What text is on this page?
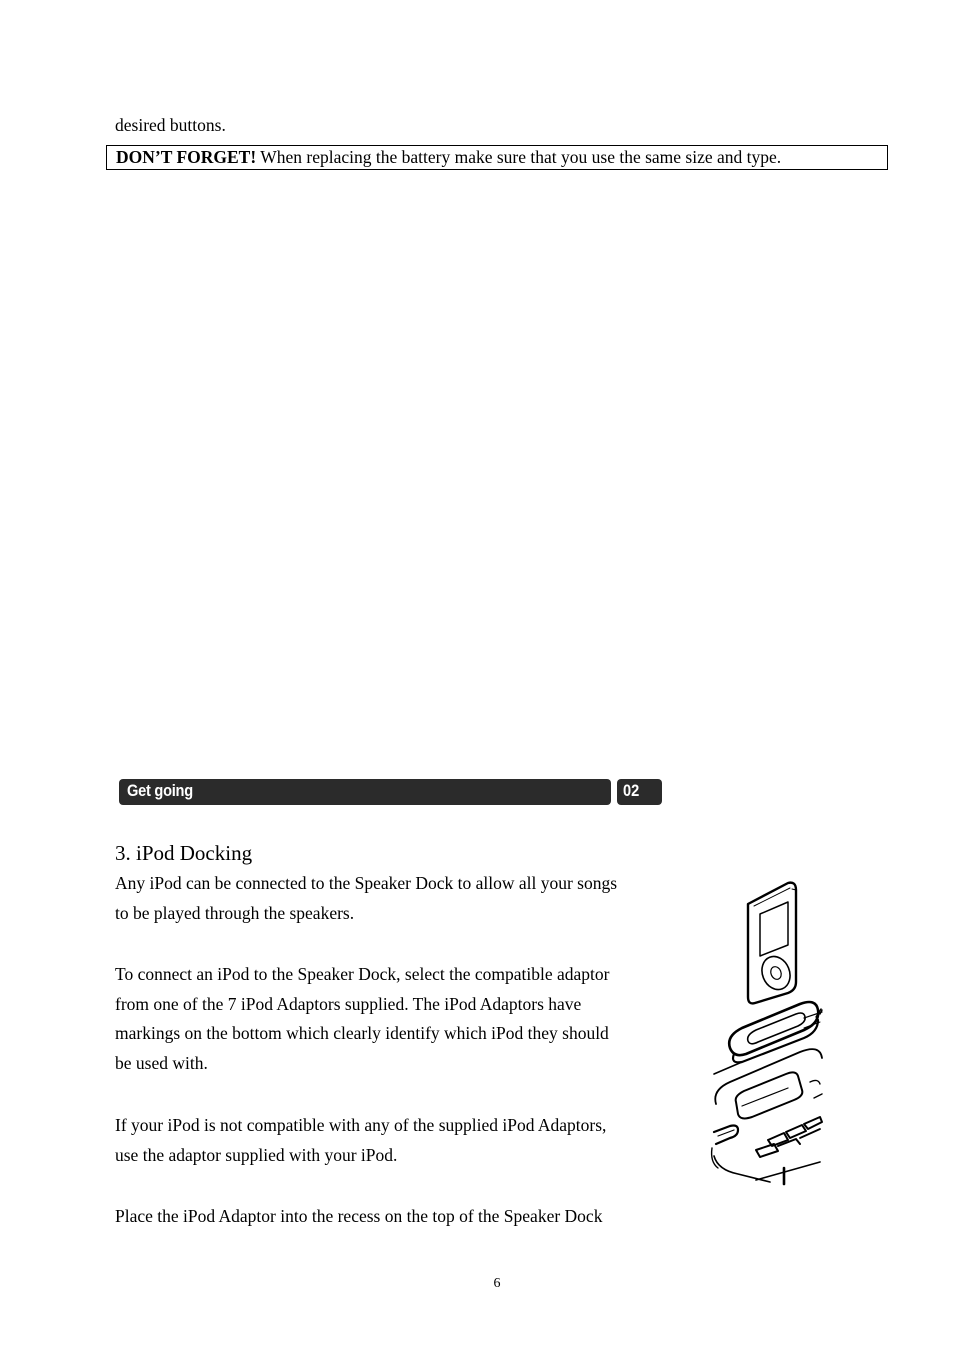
desired buttons.
DON’T FORGET! When replacing the battery make sure that you use the same size and type.
Get going	02
3. iPod Docking
Any iPod can be connected to the Speaker Dock to allow all your songs
to be played through the speakers.
To connect an iPod to the Speaker Dock, select the compatible adaptor
from one of the 7 iPod Adaptors supplied. The iPod Adaptors have
markings on the bottom which clearly identify which iPod they should
be used with.
If your iPod is not compatible with any of the supplied iPod Adaptors,
use the adaptor supplied with your iPod.
Place the iPod Adaptor into the recess on the top of the Speaker Dock
6
